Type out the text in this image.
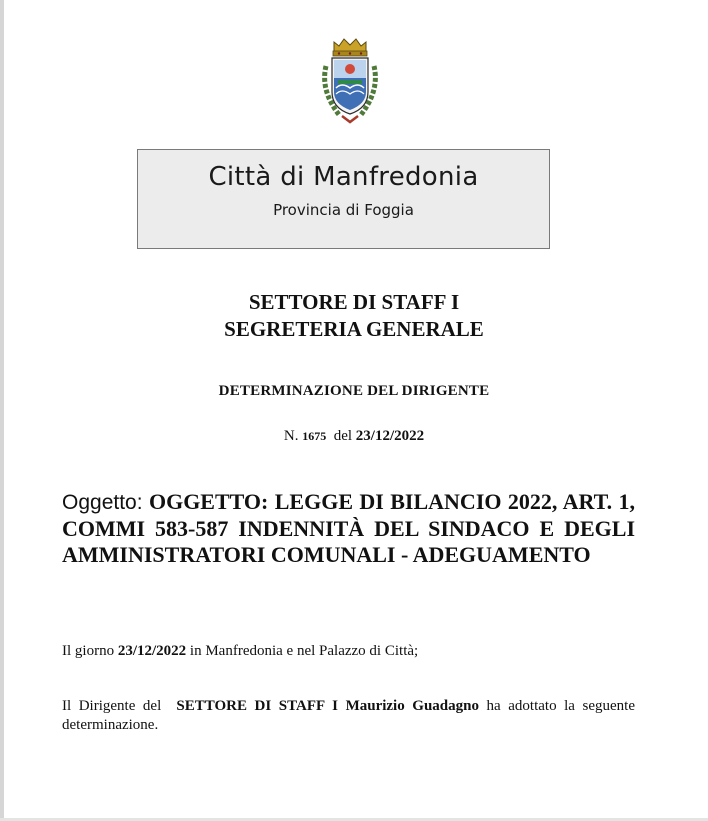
Città di Manfredonia
Provincia di Foggia
SETTORE DI STAFF I
SEGRETERIA GENERALE
DETERMINAZIONE DEL DIRIGENTE
N. 1675 del 23/12/2022
Oggetto: OGGETTO: LEGGE DI BILANCIO 2022, ART. 1, COMMI 583-587 INDENNITÀ DEL SINDACO E DEGLI AMMINISTRATORI COMUNALI - ADEGUAMENTO
Il giorno 23/12/2022 in Manfredonia e nel Palazzo di Città;
Il Dirigente del SETTORE DI STAFF I Maurizio Guadagno ha adottato la seguente determinazione.
